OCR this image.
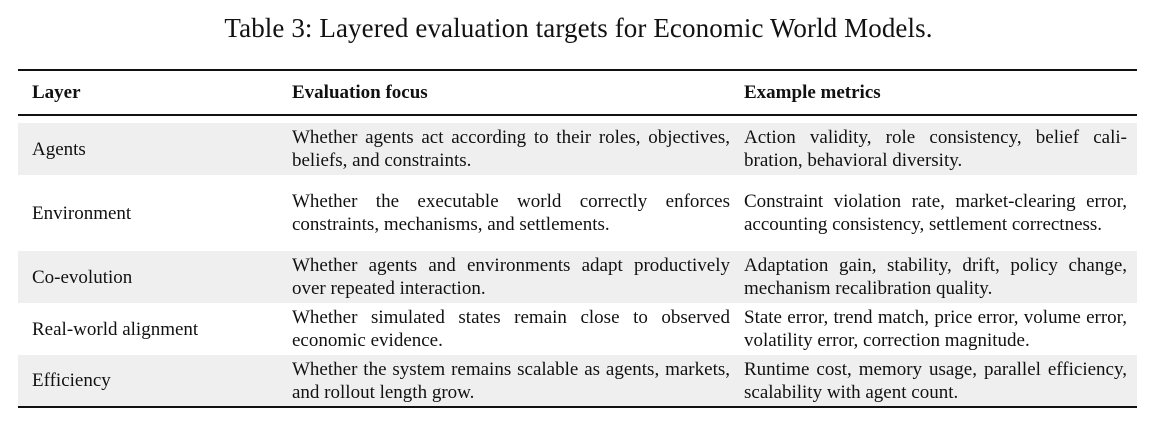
Table 3: Layered evaluation targets for Economic World Models.
Layer	Evaluation focus	Example metrics

Agents	Whether agents act according to their roles, objectives, beliefs, and constraints.	Action validity, role consistency, belief calibration, behavioral diversity.
Environment	Whether the executable world correctly enforces constraints, mechanisms, and settlements.	Constraint violation rate, market-clearing error, accounting consistency, settlement correctness.
Co-evolution	Whether agents and environments adapt productively over repeated interaction.	Adaptation gain, stability, drift, policy change, mechanism recalibration quality.
Real-world alignment	Whether simulated states remain close to observed economic evidence.	State error, trend match, price error, volume error, volatility error, correction magnitude.
Efficiency	Whether the system remains scalable as agents, markets, and rollout length grow.	Runtime cost, memory usage, parallel efficiency, scalability with agent count.
